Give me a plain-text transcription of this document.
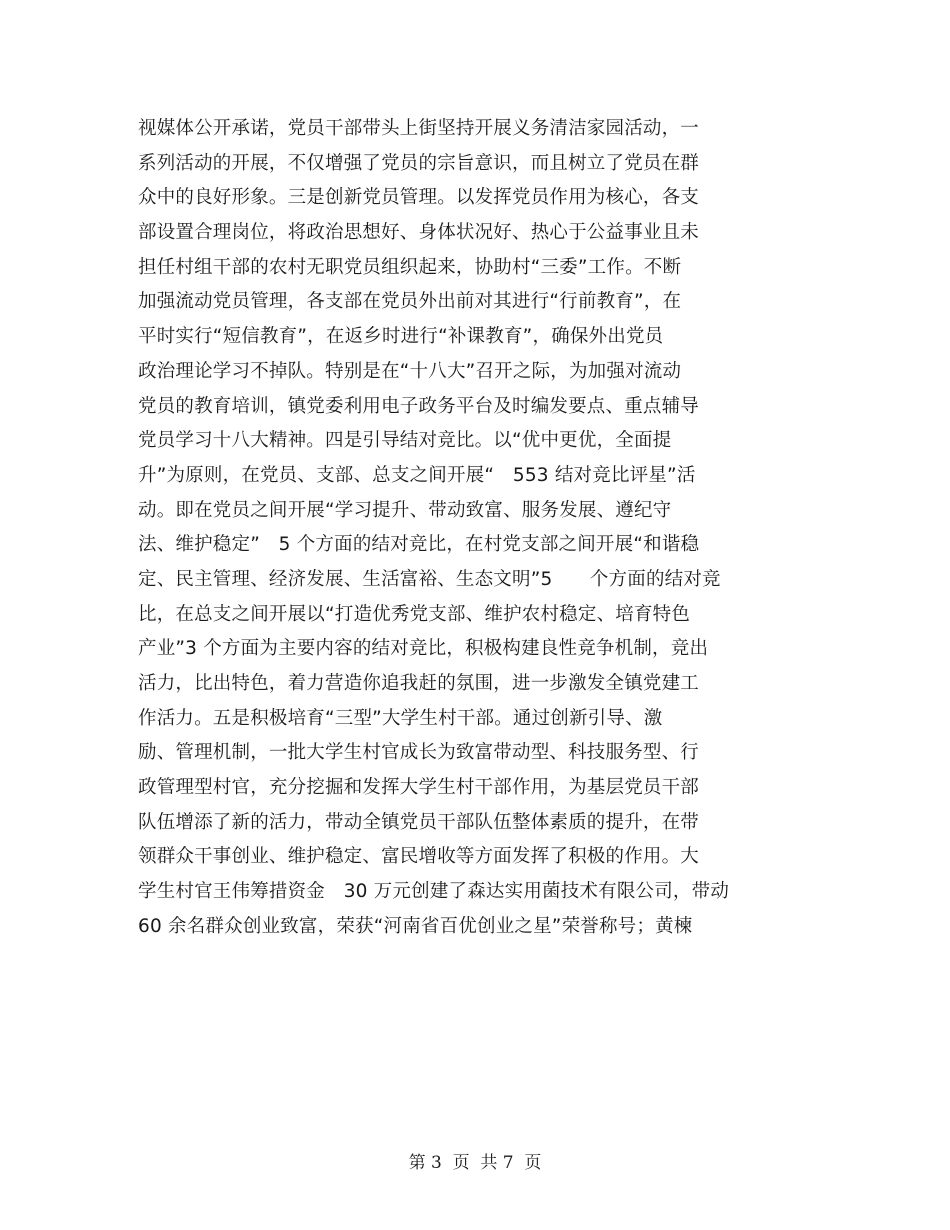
视媒体公开承诺，党员干部带头上街坚持开展义务清洁家园活动，一
系列活动的开展，不仅增强了党员的宗旨意识，而且树立了党员在群
众中的良好形象。三是创新党员管理。以发挥党员作用为核心，各支
部设置合理岗位，将政治思想好、身体状况好、热心于公益事业且未
担任村组干部的农村无职党员组织起来，协助村“三委”工作。不断
加强流动党员管理，各支部在党员外出前对其进行“行前教育”，在
平时实行“短信教育”，在返乡时进行“补课教育”，确保外出党员
政治理论学习不掉队。特别是在“十八大”召开之际，为加强对流动
党员的教育培训，镇党委利用电子政务平台及时编发要点、重点辅导
党员学习十八大精神。四是引导结对竞比。以“优中更优，全面提
升”为原则，在党员、支部、总支之间开展“　553 结对竞比评星”活
动。即在党员之间开展“学习提升、带动致富、服务发展、遵纪守
法、维护稳定”　5 个方面的结对竞比，在村党支部之间开展“和谐稳
定、民主管理、经济发展、生活富裕、生态文明”5　　个方面的结对竞
比，在总支之间开展以“打造优秀党支部、维护农村稳定、培育特色
产业”3 个方面为主要内容的结对竞比，积极构建良性竞争机制，竞出
活力，比出特色，着力营造你追我赶的氛围，进一步激发全镇党建工
作活力。五是积极培育“三型”大学生村干部。通过创新引导、激
励、管理机制，一批大学生村官成长为致富带动型、科技服务型、行
政管理型村官，充分挖掘和发挥大学生村干部作用，为基层党员干部
队伍增添了新的活力，带动全镇党员干部队伍整体素质的提升，在带
领群众干事创业、维护稳定、富民增收等方面发挥了积极的作用。大
学生村官王伟筹措资金　30 万元创建了森达实用菌技术有限公司，带动
60 余名群众创业致富，荣获“河南省百优创业之星”荣誉称号；黄楝
第 3  页  共 7  页
